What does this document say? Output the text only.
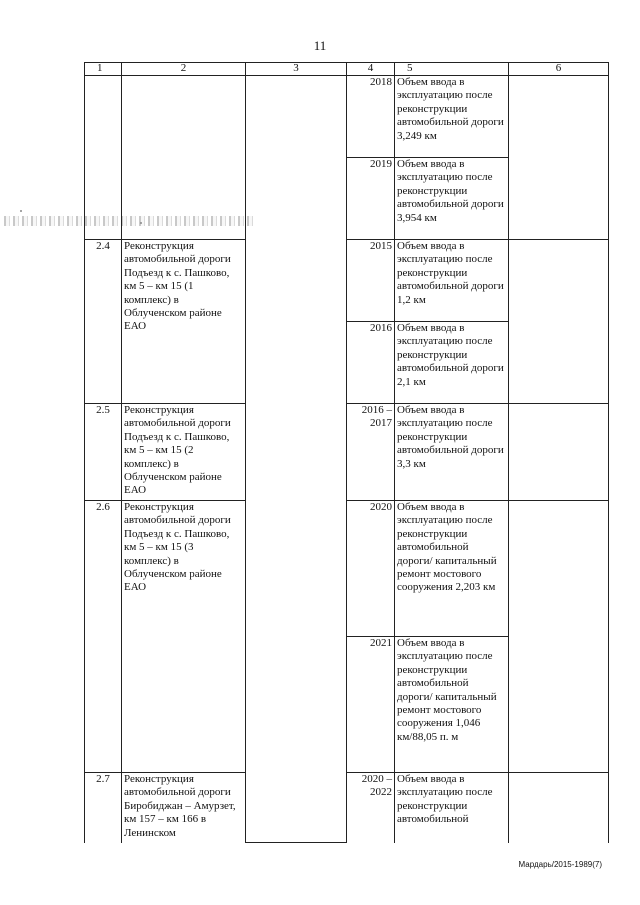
11
1	2	3	4	5	6
			2018	Объем ввода в эксплуатацию после реконструкции автомобильной дороги 3,249 км	
			2019	Объем ввода в эксплуатацию после реконструкции автомобильной дороги 3,954 км	
2.4	Реконструкция автомобильной дороги Подъезд к с. Пашково, км 5 – км 15 (1 комплекс) в Облученском районе ЕАО		2015	Объем ввода в эксплуатацию после реконструкции автомобильной дороги 1,2 км	
			2016	Объем ввода в эксплуатацию после реконструкции автомобильной дороги 2,1 км	
2.5	Реконструкция автомобильной дороги Подъезд к с. Пашково, км 5 – км 15 (2 комплекс) в Облученском районе ЕАО		2016 – 2017	Объем ввода в эксплуатацию после реконструкции автомобильной дороги 3,3 км	
2.6	Реконструкция автомобильной дороги Подъезд к с. Пашково, км 5 – км 15 (3 комплекс) в Облученском районе ЕАО		2020	Объем ввода в эксплуатацию после реконструкции автомобильной дороги/ капитальный ремонт мостового сооружения 2,203 км	
			2021	Объем ввода в эксплуатацию после реконструкции автомобильной дороги/ капитальный ремонт мостового сооружения 1,046 км/88,05 п. м	
2.7	Реконструкция автомобильной дороги Биробиджан – Амурзет, км 157 – км 166 в Ленинском		2020 – 2022	Объем ввода в эксплуатацию после реконструкции автомобильной	
Мардарь/2015-1989(7)
